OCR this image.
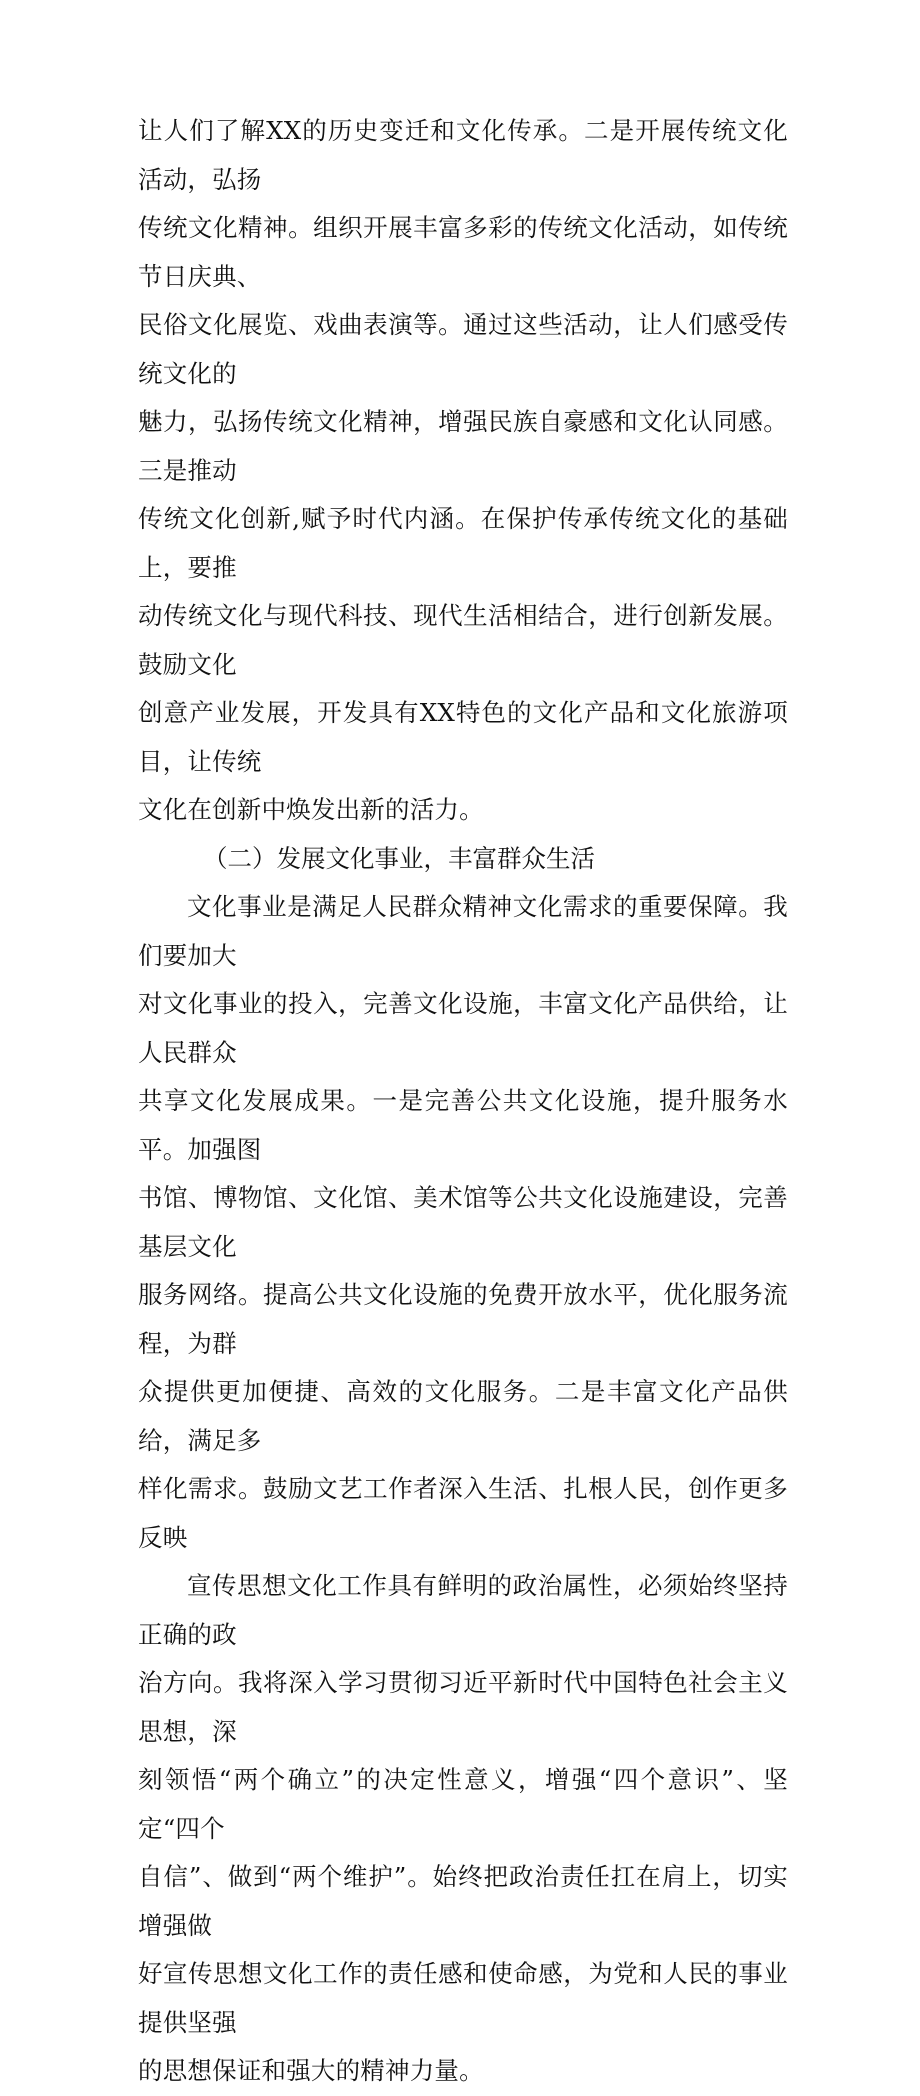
让人们了解XX的历史变迁和文化传承。二是开展传统文化活动，弘扬
传统文化精神。组织开展丰富多彩的传统文化活动，如传统节日庆典、
民俗文化展览、戏曲表演等。通过这些活动，让人们感受传统文化的
魅力，弘扬传统文化精神，增强民族自豪感和文化认同感。三是推动
传统文化创新,赋予时代内涵。在保护传承传统文化的基础上，要推
动传统文化与现代科技、现代生活相结合，进行创新发展。鼓励文化
创意产业发展，开发具有XX特色的文化产品和文化旅游项目，让传统
文化在创新中焕发出新的活力。
（二）发展文化事业，丰富群众生活
文化事业是满足人民群众精神文化需求的重要保障。我们要加大
对文化事业的投入，完善文化设施，丰富文化产品供给，让人民群众
共享文化发展成果。一是完善公共文化设施，提升服务水平。加强图
书馆、博物馆、文化馆、美术馆等公共文化设施建设，完善基层文化
服务网络。提高公共文化设施的免费开放水平，优化服务流程，为群
众提供更加便捷、高效的文化服务。二是丰富文化产品供给，满足多
样化需求。鼓励文艺工作者深入生活、扎根人民，创作更多反映
宣传思想文化工作具有鲜明的政治属性，必须始终坚持正确的政
治方向。我将深入学习贯彻习近平新时代中国特色社会主义思想，深
刻领悟“两个确立”的决定性意义，增强“四个意识”、坚定“四个
自信”、做到“两个维护”。始终把政治责任扛在肩上，切实增强做
好宣传思想文化工作的责任感和使命感，为党和人民的事业提供坚强
的思想保证和强大的精神力量。
